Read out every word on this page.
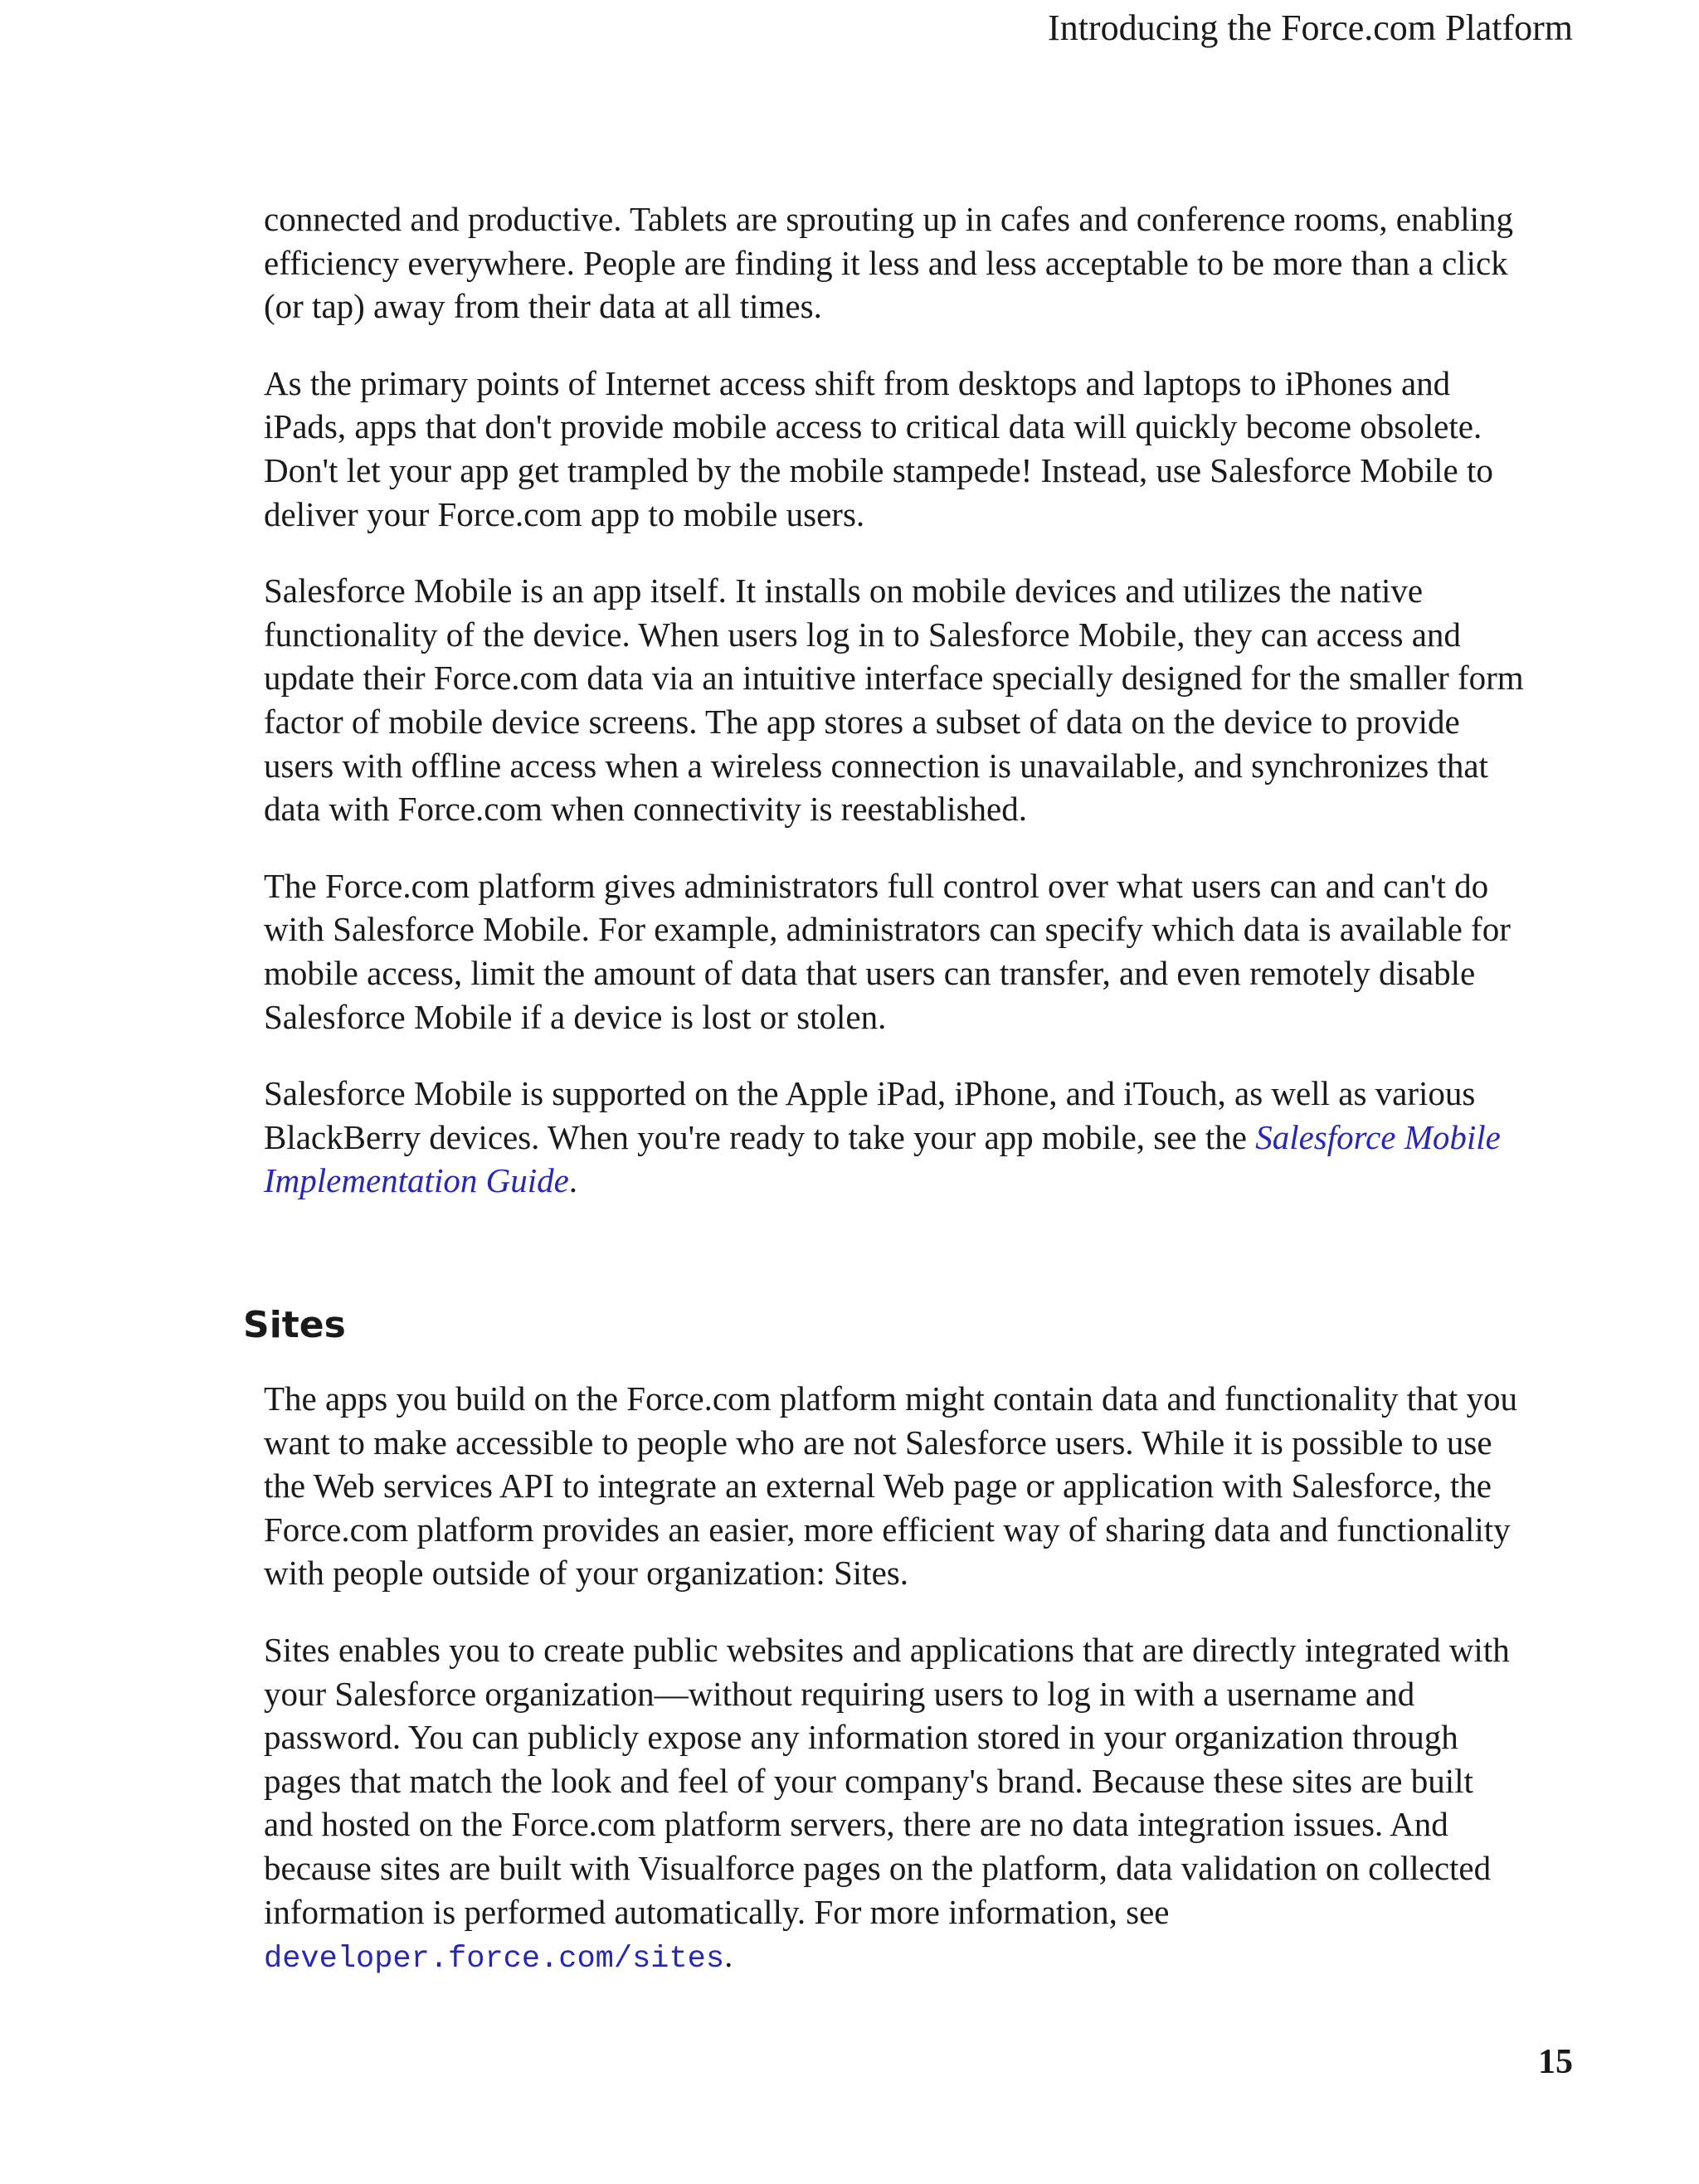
Introducing the Force.com Platform

connected and productive. Tablets are sprouting up in cafes and conference rooms, enabling efficiency everywhere. People are finding it less and less acceptable to be more than a click (or tap) away from their data at all times.

As the primary points of Internet access shift from desktops and laptops to iPhones and iPads, apps that don't provide mobile access to critical data will quickly become obsolete. Don't let your app get trampled by the mobile stampede! Instead, use Salesforce Mobile to deliver your Force.com app to mobile users.

Salesforce Mobile is an app itself. It installs on mobile devices and utilizes the native functionality of the device. When users log in to Salesforce Mobile, they can access and update their Force.com data via an intuitive interface specially designed for the smaller form factor of mobile device screens. The app stores a subset of data on the device to provide users with offline access when a wireless connection is unavailable, and synchronizes that data with Force.com when connectivity is reestablished.

The Force.com platform gives administrators full control over what users can and can't do with Salesforce Mobile. For example, administrators can specify which data is available for mobile access, limit the amount of data that users can transfer, and even remotely disable Salesforce Mobile if a device is lost or stolen.

Salesforce Mobile is supported on the Apple iPad, iPhone, and iTouch, as well as various BlackBerry devices. When you're ready to take your app mobile, see the Salesforce Mobile Implementation Guide.

Sites

The apps you build on the Force.com platform might contain data and functionality that you want to make accessible to people who are not Salesforce users. While it is possible to use the Web services API to integrate an external Web page or application with Salesforce, the Force.com platform provides an easier, more efficient way of sharing data and functionality with people outside of your organization: Sites.

Sites enables you to create public websites and applications that are directly integrated with your Salesforce organization—without requiring users to log in with a username and password. You can publicly expose any information stored in your organization through pages that match the look and feel of your company's brand. Because these sites are built and hosted on the Force.com platform servers, there are no data integration issues. And because sites are built with Visualforce pages on the platform, data validation on collected information is performed automatically. For more information, see developer.force.com/sites.

15
